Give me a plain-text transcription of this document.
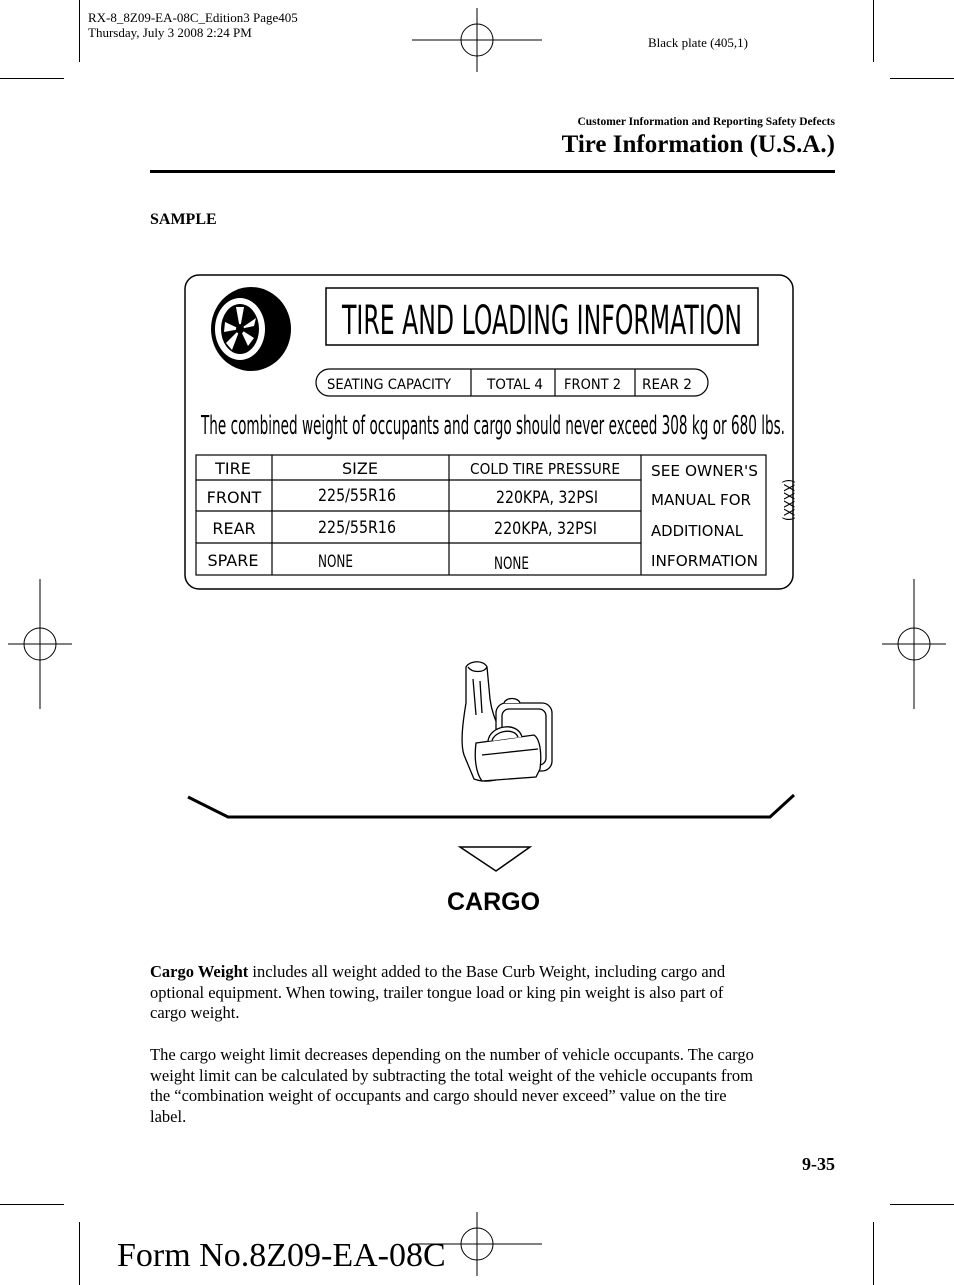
RX-8_8Z09-EA-08C_Edition3 Page405
Thursday, July 3 2008 2:24 PM
Black plate (405,1)
Customer Information and Reporting Safety Defects
Tire Information (U.S.A.)
SAMPLE
TIRE AND LOADING INFORMATION
SEATING CAPACITY TOTAL 4 FRONT 2 REAR 2
The combined weight of occupants and cargo should never exceed 308 kg or 680 lbs.
TIRE	SIZE	COLD TIRE PRESSURE
FRONT	225/55R16	220KPA, 32PSI
REAR	225/55R16	220KPA, 32PSI
SPARE	NONE	NONE
SEE OWNER'S
MANUAL FOR
ADDITIONAL
INFORMATION
(XXXX)
CARGO
Cargo Weight includes all weight added to the Base Curb Weight, including cargo and
optional equipment. When towing, trailer tongue load or king pin weight is also part of
cargo weight.
The cargo weight limit decreases depending on the number of vehicle occupants. The cargo
weight limit can be calculated by subtracting the total weight of the vehicle occupants from
the “combination weight of occupants and cargo should never exceed” value on the tire
label.
9-35
Form No.8Z09-EA-08C
